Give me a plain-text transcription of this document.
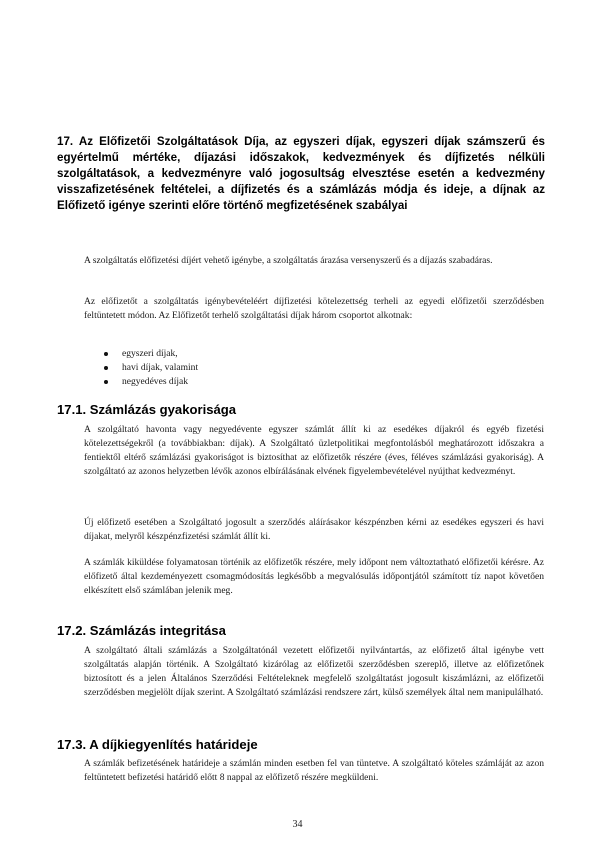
17. Az Előfizetői Szolgáltatások Díja, az egyszeri díjak, egyszeri díjak számszerű és egyértelmű mértéke, díjazási időszakok, kedvezmények és díjfizetés nélküli szolgáltatások, a kedvezményre való jogosultság elvesztése esetén a kedvezmény visszafizetésének feltételei, a díjfizetés és a számlázás módja és ideje, a díjnak az Előfizető igénye szerinti előre történő megfizetésének szabályai

A szolgáltatás előfizetési díjért vehető igénybe, a szolgáltatás árazása versenyszerű és a díjazás szabadáras.

Az előfizetőt a szolgáltatás igénybevételéért díjfizetési kötelezettség terheli az egyedi előfizetői szerződésben feltüntetett módon. Az Előfizetőt terhelő szolgáltatási díjak három csoportot alkotnak:

egyszeri díjak,
havi díjak, valamint
negyedéves díjak
17.1. Számlázás gyakorisága

A szolgáltató havonta vagy negyedévente egyszer számlát állít ki az esedékes díjakról és egyéb fizetési kötelezettségekről (a továbbiakban: díjak). A Szolgáltató üzletpolitikai megfontolásból meghatározott időszakra a fentiektől eltérő számlázási gyakoriságot is biztosíthat az előfizetők részére (éves, féléves számlázási gyakoriság). A szolgáltató az azonos helyzetben lévők azonos elbírálásának elvének figyelembevételével nyújthat kedvezményt.

Új előfizető esetében a Szolgáltató jogosult a szerződés aláírásakor készpénzben kérni az esedékes egyszeri és havi díjakat, melyről készpénzfizetési számlát állít ki.

A számlák kiküldése folyamatosan történik az előfizetők részére, mely időpont nem változtatható előfizetői kérésre. Az előfizető által kezdeményezett csomagmódosítás legkésőbb a megvalósulás időpontjától számított tíz napot követően elkészített első számlában jelenik meg.

17.2. Számlázás integritása

A szolgáltató általi számlázás a Szolgáltatónál vezetett előfizetői nyilvántartás, az előfizető által igénybe vett szolgáltatás alapján történik. A Szolgáltató kizárólag az előfizetői szerződésben szereplő, illetve az előfizetőnek biztosított és a jelen Általános Szerződési Feltételeknek megfelelő szolgáltatást jogosult kiszámlázni, az előfizetői szerződésben megjelölt díjak szerint. A Szolgáltató számlázási rendszere zárt, külső személyek által nem manipulálható.

17.3. A díjkiegyenlítés határideje

A számlák befizetésének határideje a számlán minden esetben fel van tüntetve. A szolgáltató köteles számláját az azon feltüntetett befizetési határidő előtt 8 nappal az előfizető részére megküldeni.

34
